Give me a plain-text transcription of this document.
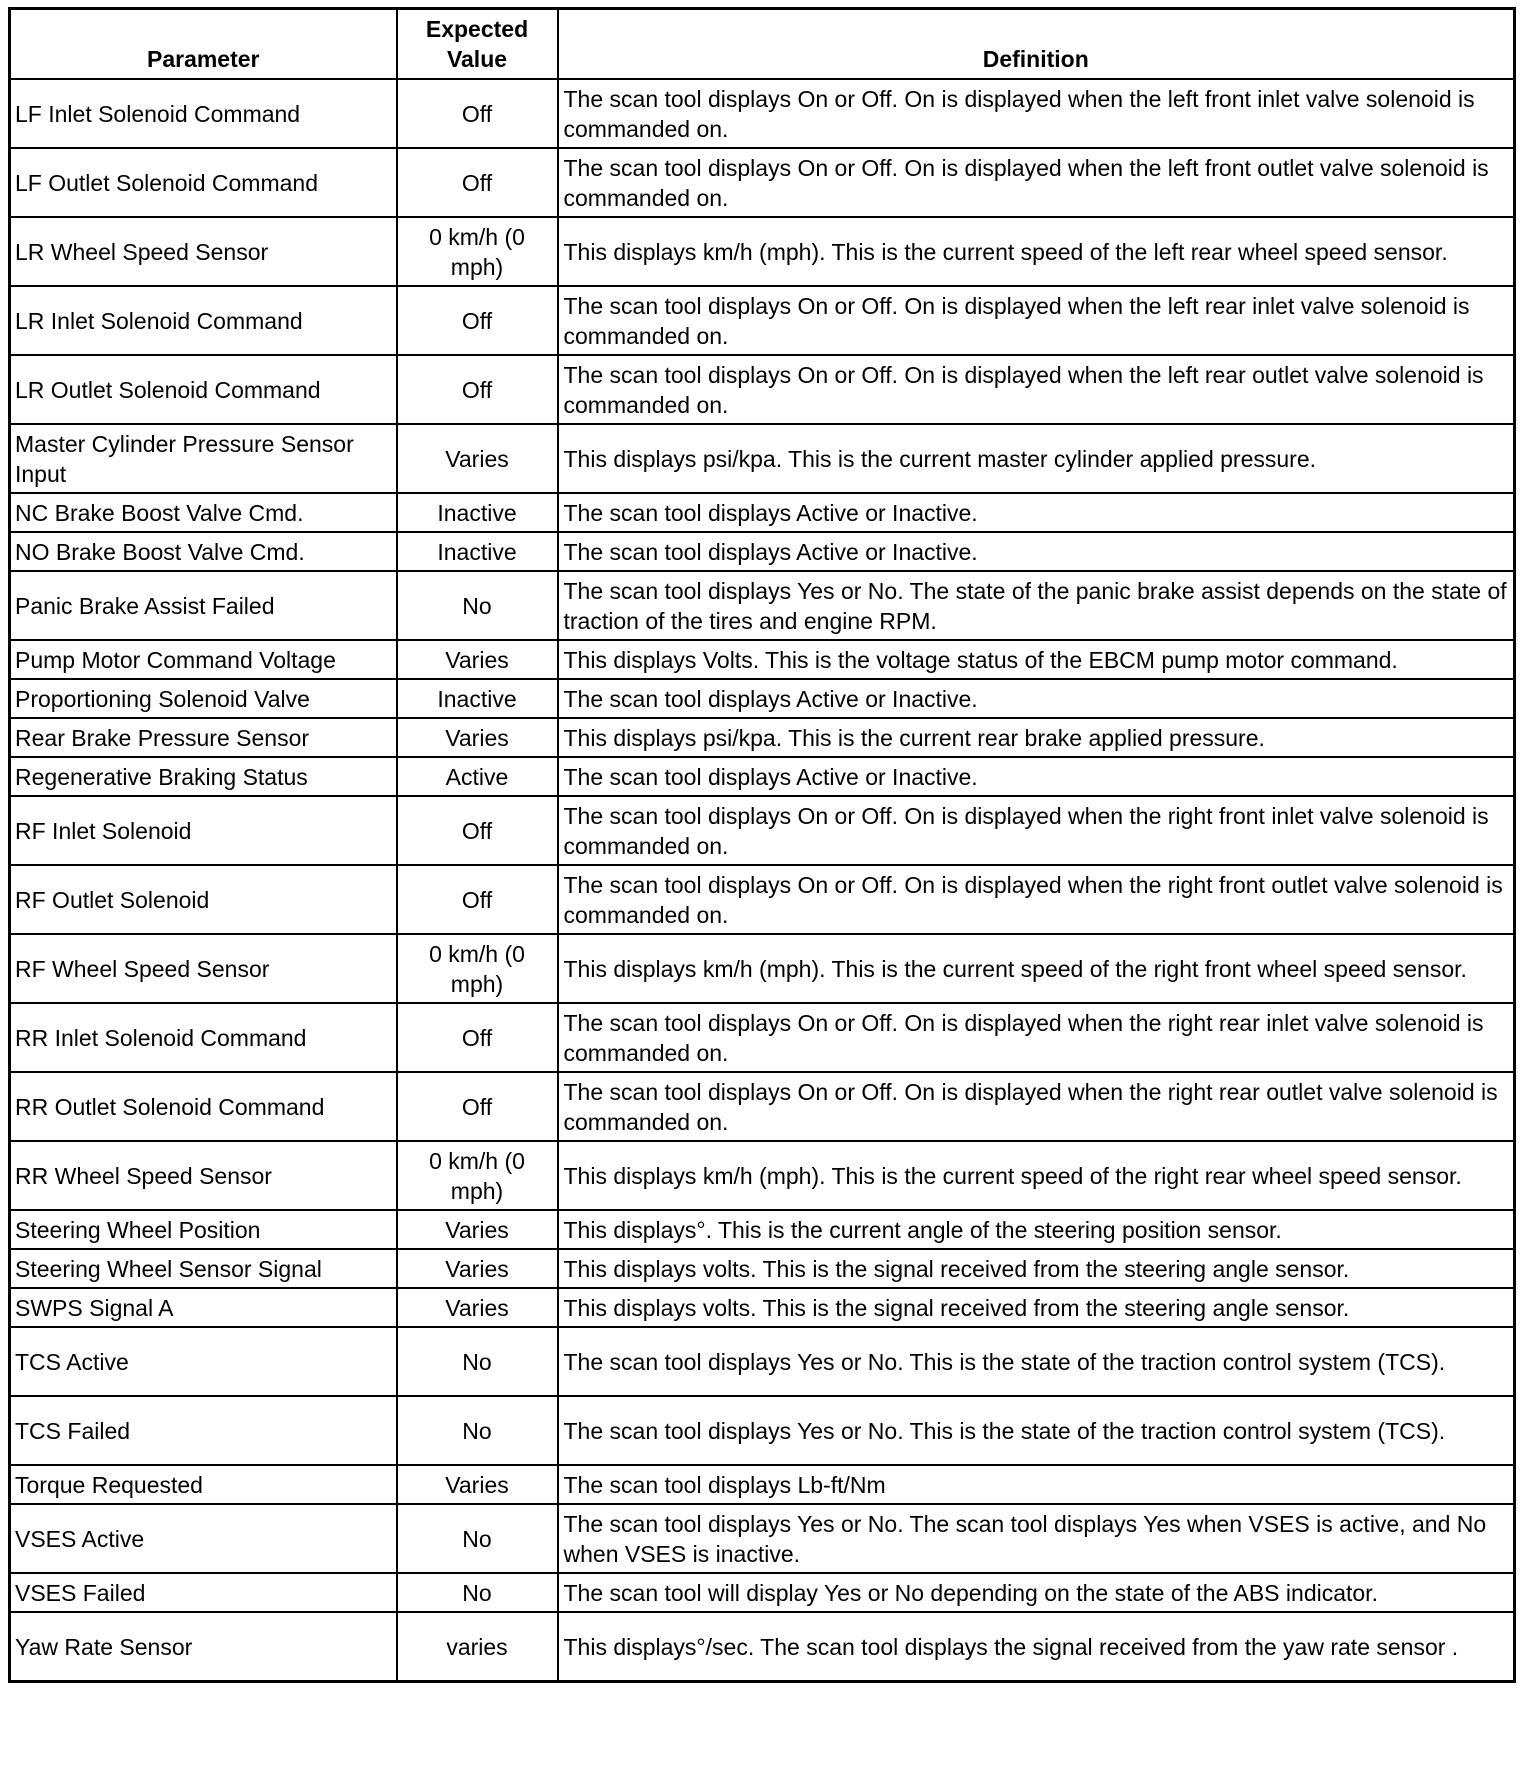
Parameter	Expected Value	Definition
LF Inlet Solenoid Command	Off	The scan tool displays On or Off. On is displayed when the left front inlet valve solenoid is commanded on.
LF Outlet Solenoid Command	Off	The scan tool displays On or Off. On is displayed when the left front outlet valve solenoid is commanded on.
LR Wheel Speed Sensor	0 km/h (0 mph)	This displays km/h (mph). This is the current speed of the left rear wheel speed sensor.
LR Inlet Solenoid Command	Off	The scan tool displays On or Off. On is displayed when the left rear inlet valve solenoid is commanded on.
LR Outlet Solenoid Command	Off	The scan tool displays On or Off. On is displayed when the left rear outlet valve solenoid is commanded on.
Master Cylinder Pressure Sensor Input	Varies	This displays psi/kpa. This is the current master cylinder applied pressure.
NC Brake Boost Valve Cmd.	Inactive	The scan tool displays Active or Inactive.
NO Brake Boost Valve Cmd.	Inactive	The scan tool displays Active or Inactive.
Panic Brake Assist Failed	No	The scan tool displays Yes or No. The state of the panic brake assist depends on the state of traction of the tires and engine RPM.
Pump Motor Command Voltage	Varies	This displays Volts. This is the voltage status of the EBCM pump motor command.
Proportioning Solenoid Valve	Inactive	The scan tool displays Active or Inactive.
Rear Brake Pressure Sensor	Varies	This displays psi/kpa. This is the current rear brake applied pressure.
Regenerative Braking Status	Active	The scan tool displays Active or Inactive.
RF Inlet Solenoid	Off	The scan tool displays On or Off. On is displayed when the right front inlet valve solenoid is commanded on.
RF Outlet Solenoid	Off	The scan tool displays On or Off. On is displayed when the right front outlet valve solenoid is commanded on.
RF Wheel Speed Sensor	0 km/h (0 mph)	This displays km/h (mph). This is the current speed of the right front wheel speed sensor.
RR Inlet Solenoid Command	Off	The scan tool displays On or Off. On is displayed when the right rear inlet valve solenoid is commanded on.
RR Outlet Solenoid Command	Off	The scan tool displays On or Off. On is displayed when the right rear outlet valve solenoid is commanded on.
RR Wheel Speed Sensor	0 km/h (0 mph)	This displays km/h (mph). This is the current speed of the right rear wheel speed sensor.
Steering Wheel Position	Varies	This displays°. This is the current angle of the steering position sensor.
Steering Wheel Sensor Signal	Varies	This displays volts. This is the signal received from the steering angle sensor.
SWPS Signal A	Varies	This displays volts. This is the signal received from the steering angle sensor.
TCS Active	No	The scan tool displays Yes or No. This is the state of the traction control system (TCS).
TCS Failed	No	The scan tool displays Yes or No. This is the state of the traction control system (TCS).
Torque Requested	Varies	The scan tool displays Lb-ft/Nm
VSES Active	No	The scan tool displays Yes or No. The scan tool displays Yes when VSES is active, and No when VSES is inactive.
VSES Failed	No	The scan tool will display Yes or No depending on the state of the ABS indicator.
Yaw Rate Sensor	varies	This displays°/sec. The scan tool displays the signal received from the yaw rate sensor .
